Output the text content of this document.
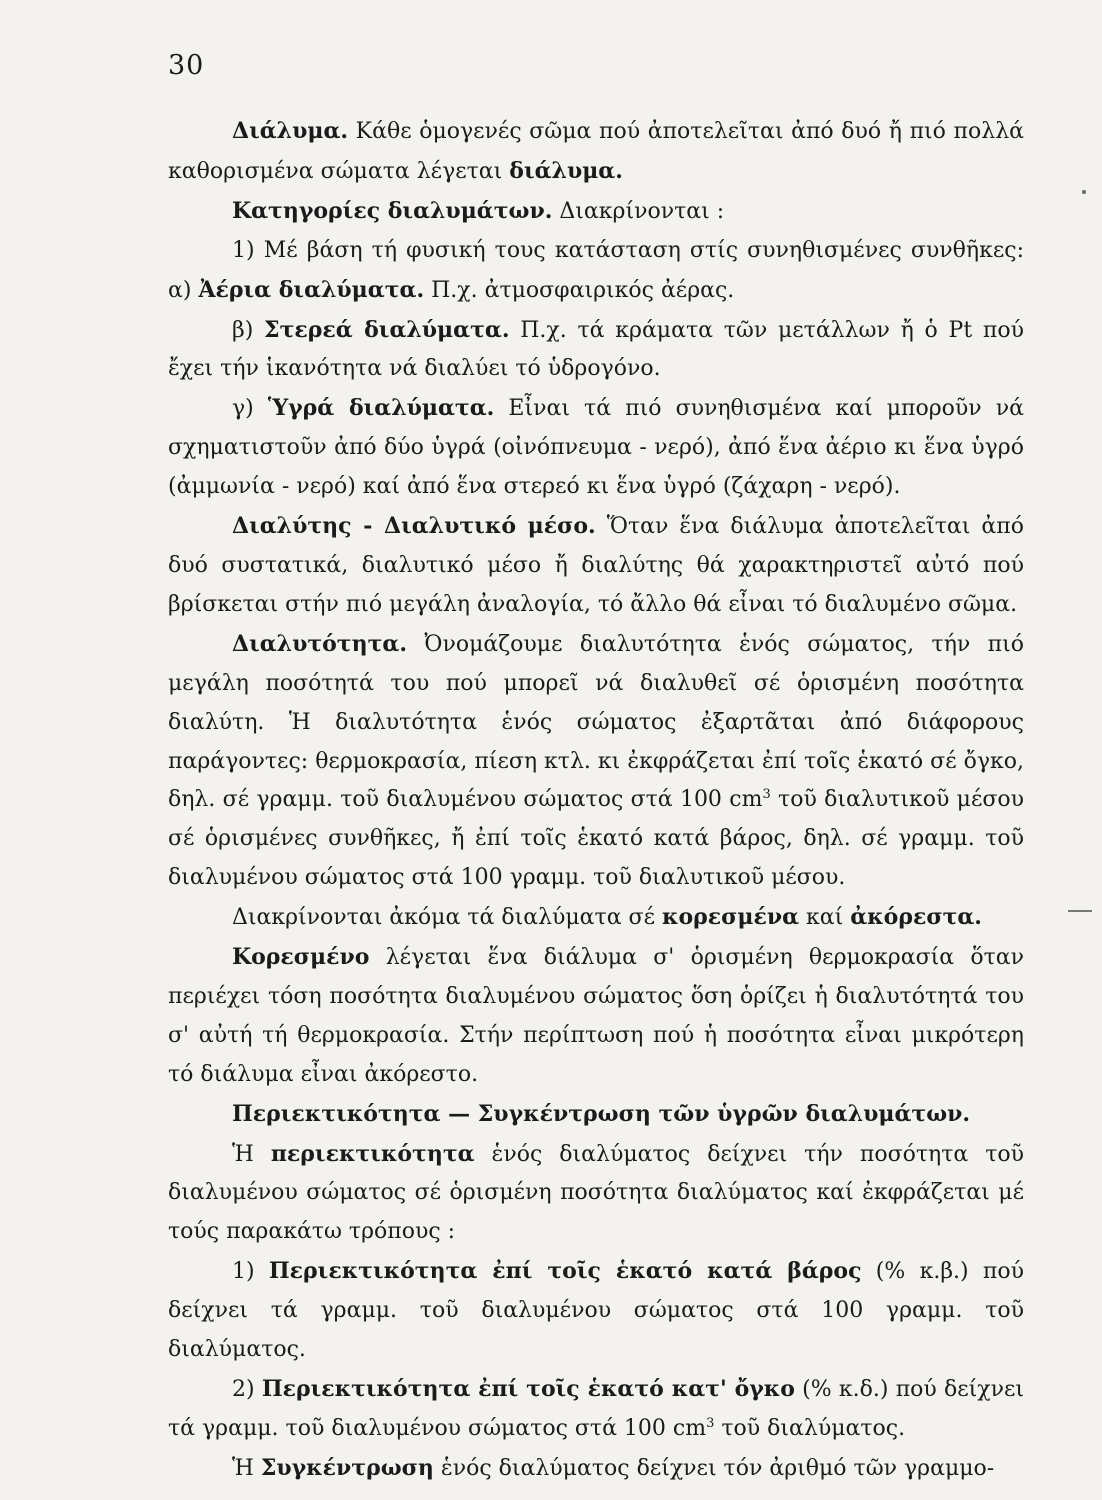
30

Διάλυμα. Κάθε ὁμογενές σῶμα πού ἀποτελεῖται ἀπό δυό ἤ πιό πολλά καθορισμένα σώματα λέγεται διάλυμα.

Κατηγορίες διαλυμάτων. Διακρίνονται :

1) Μέ βάση τή φυσική τους κατάσταση στίς συνηθισμένες συνθῆκες: α) Ἀέρια διαλύματα. Π.χ. ἀτμοσφαιρικός ἀέρας.

β) Στερεά διαλύματα. Π.χ. τά κράματα τῶν μετάλλων ἤ ὁ Pt πού ἔχει τήν ἱκανότητα νά διαλύει τό ὑδρογόνο.

γ) Ὑγρά διαλύματα. Εἶναι τά πιό συνηθισμένα καί μποροῦν νά σχηματιστοῦν ἀπό δύο ὑγρά (οἰνόπνευμα - νερό), ἀπό ἕνα ἀέριο κι ἕνα ὑγρό (ἀμμωνία - νερό) καί ἀπό ἕνα στερεό κι ἕνα ὑγρό (ζάχαρη - νερό).

Διαλύτης - Διαλυτικό μέσο. Ὅταν ἕνα διάλυμα ἀποτελεῖται ἀπό δυό συστατικά, διαλυτικό μέσο ἤ διαλύτης θά χαρακτηριστεῖ αὐτό πού βρίσκεται στήν πιό μεγάλη ἀναλογία, τό ἄλλο θά εἶναι τό διαλυμένο σῶμα.

Διαλυτότητα. Ὀνομάζουμε διαλυτότητα ἑνός σώματος, τήν πιό μεγάλη ποσότητά του πού μπορεῖ νά διαλυθεῖ σέ ὁρισμένη ποσότητα διαλύτη. Ἡ διαλυτότητα ἑνός σώματος ἐξαρτᾶται ἀπό διάφορους παράγοντες: θερμοκρασία, πίεση κτλ. κι ἐκφράζεται ἐπί τοῖς ἑκατό σέ ὄγκο, δηλ. σέ γραμμ. τοῦ διαλυμένου σώματος στά 100 $cm^3$ τοῦ διαλυτικοῦ μέσου σέ ὁρισμένες συνθῆκες, ἤ ἐπί τοῖς ἑκατό κατά βάρος, δηλ. σέ γραμμ. τοῦ διαλυμένου σώματος στά 100 γραμμ. τοῦ διαλυτικοῦ μέσου.

Διακρίνονται ἀκόμα τά διαλύματα σέ κορεσμένα καί ἀκόρεστα.

Κορεσμένο λέγεται ἕνα διάλυμα σ' ὁρισμένη θερμοκρασία ὅταν περιέχει τόση ποσότητα διαλυμένου σώματος ὅση ὁρίζει ἡ διαλυτότητά του σ' αὐτή τή θερμοκρασία. Στήν περίπτωση πού ἡ ποσότητα εἶναι μικρότερη τό διάλυμα εἶναι ἀκόρεστο.

Περιεκτικότητα — Συγκέντρωση τῶν ὑγρῶν διαλυμάτων.

Ἡ περιεκτικότητα ἑνός διαλύματος δείχνει τήν ποσότητα τοῦ διαλυμένου σώματος σέ ὁρισμένη ποσότητα διαλύματος καί ἐκφράζεται μέ τούς παρακάτω τρόπους :

1) Περιεκτικότητα ἐπί τοῖς ἑκατό κατά βάρος (% κ.β.) πού δείχνει τά γραμμ. τοῦ διαλυμένου σώματος στά 100 γραμμ. τοῦ διαλύματος.

2) Περιεκτικότητα ἐπί τοῖς ἑκατό κατ' ὄγκο (% κ.δ.) πού δείχνει τά γραμμ. τοῦ διαλυμένου σώματος στά 100 $cm^3$ τοῦ διαλύματος.

Ἡ Συγκέντρωση ἑνός διαλύματος δείχνει τόν ἀριθμό τῶν γραμμο-
